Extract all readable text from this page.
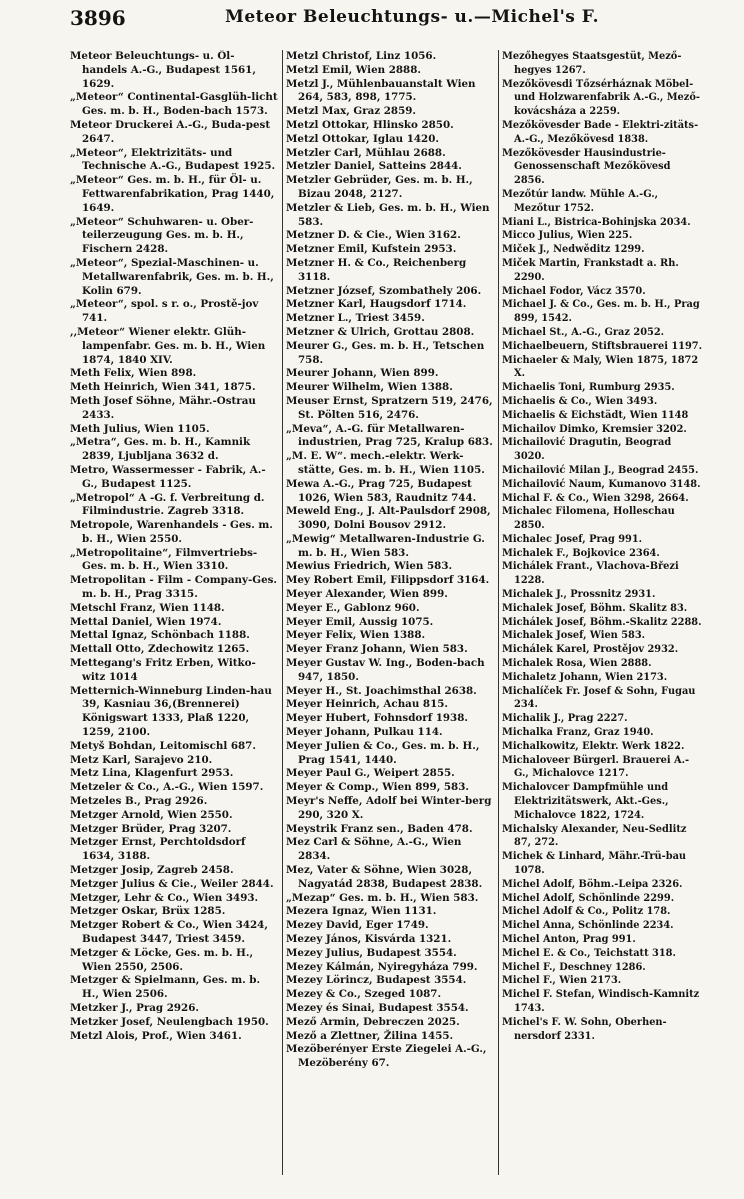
3896	Meteor Beleuchtungs- u.—Michel's F.

Meteor Beleuchtungs- u. Öl-handels A.-G., Budapest 1561, 1629.

„Meteor“ Continental-Gasglüh-licht Ges. m. b. H., Boden-bach 1573.

Meteor Druckerei A.-G., Buda-pest 2647.

„Meteor“, Elektrizitäts- und Technische A.-G., Budapest 1925.

„Meteor“ Ges. m. b. H., für Öl- u. Fettwarenfabrikation, Prag 1440, 1649.

„Meteor“ Schuhwaren- u. Ober-teilerzeugung Ges. m. b. H., Fischern 2428.

„Meteor“, Spezial-Maschinen- u. Metallwarenfabrik, Ges. m. b. H., Kolin 679.

„Meteor“, spol. s r. o., Prostě-jov 741.

,,Meteor“ Wiener elektr. Glüh-lampenfabr. Ges. m. b. H., Wien 1874, 1840 XIV.

Meth Felix, Wien 898.

Meth Heinrich, Wien 341, 1875.

Meth Josef Söhne, Mähr.-Ostrau 2433.

Meth Julius, Wien 1105.

„Metra“, Ges. m. b. H., Kamnik 2839, Ljubljana 3632 d.

Metro, Wassermesser - Fabrik, A.-G., Budapest 1125.

„Metropol“ A -G. f. Verbreitung d. Filmindustrie. Zagreb 3318.

Metropole, Warenhandels - Ges. m. b. H., Wien 2550.

„Metropolitaine“, Filmvertriebs-Ges. m. b. H., Wien 3310.

Metropolitan - Film - Company-Ges. m. b. H., Prag 3315.

Metschl Franz, Wien 1148.

Mettal Daniel, Wien 1974.

Mettal Ignaz, Schönbach 1188.

Mettall Otto, Zdechowitz 1265.

Mettegang's Fritz Erben, Witko-witz 1014

Metternich-Winneburg Linden-hau 39, Kasniau 36,(Brennerei) Königswart 1333, Plaß 1220, 1259, 2100.

Metyš Bohdan, Leitomischl 687.

Metz Karl, Sarajevo 210.

Metz Lina, Klagenfurt 2953.

Metzeler & Co., A.-G., Wien 1597.

Metzeles B., Prag 2926.

Metzger Arnold, Wien 2550.

Metzger Brüder, Prag 3207.

Metzger Ernst, Perchtoldsdorf 1634, 3188.

Metzger Josip, Zagreb 2458.

Metzger Julius & Cie., Weiler 2844.

Metzger, Lehr & Co., Wien 3493.

Metzger Oskar, Brüx 1285.

Metzger Robert & Co., Wien 3424, Budapest 3447, Triest 3459.

Metzger & Löcke, Ges. m. b. H., Wien 2550, 2506.

Metzger & Spielmann, Ges. m. b. H., Wien 2506.

Metzker J., Prag 2926.

Metzker Josef, Neulengbach 1950.

Metzl Alois, Prof., Wien 3461.

Metzl Christof, Linz 1056.

Metzl Emil, Wien 2888.

Metzl J., Mühlenbauanstalt Wien 264, 583, 898, 1775.

Metzl Max, Graz 2859.

Metzl Ottokar, Hlinsko 2850.

Metzl Ottokar, Iglau 1420.

Metzler Carl, Mühlau 2688.

Metzler Daniel, Satteins 2844.

Metzler Gebrüder, Ges. m. b. H., Bizau 2048, 2127.

Metzler & Lieb, Ges. m. b. H., Wien 583.

Metzner D. & Cie., Wien 3162.

Metzner Emil, Kufstein 2953.

Metzner H. & Co., Reichenberg 3118.

Metzner József, Szombathely 206.

Metzner Karl, Haugsdorf 1714.

Metzner L., Triest 3459.

Metzner & Ulrich, Grottau 2808.

Meurer G., Ges. m. b. H., Tetschen 758.

Meurer Johann, Wien 899.

Meurer Wilhelm, Wien 1388.

Meuser Ernst, Spratzern 519, 2476, St. Pölten 516, 2476.

„Meva“, A.-G. für Metallwaren-industrien, Prag 725, Kralup 683.

„M. E. W“. mech.-elektr. Werk-stätte, Ges. m. b. H., Wien 1105.

Mewa A.-G., Prag 725, Budapest 1026, Wien 583, Raudnitz 744.

Meweld Eng., J. Alt-Paulsdorf 2908, 3090, Dolni Bousov 2912.

„Mewig“ Metallwaren-Industrie G. m. b. H., Wien 583.

Mewius Friedrich, Wien 583.

Mey Robert Emil, Filippsdorf 3164.

Meyer Alexander, Wien 899.

Meyer E., Gablonz 960.

Meyer Emil, Aussig 1075.

Meyer Felix, Wien 1388.

Meyer Franz Johann, Wien 583.

Meyer Gustav W. Ing., Boden-bach 947, 1850.

Meyer H., St. Joachimsthal 2638.

Meyer Heinrich, Achau 815.

Meyer Hubert, Fohnsdorf 1938.

Meyer Johann, Pulkau 114.

Meyer Julien & Co., Ges. m. b. H., Prag 1541, 1440.

Meyer Paul G., Weipert 2855.

Meyer & Comp., Wien 899, 583.

Meyr's Neffe, Adolf bei Winter-berg 290, 320 X.

Meystrik Franz sen., Baden 478.

Mez Carl & Söhne, A.-G., Wien 2834.

Mez, Vater & Söhne, Wien 3028, Nagyatád 2838, Budapest 2838.

„Mezap“ Ges. m. b. H., Wien 583.

Mezera Ignaz, Wien 1131.

Mezey David, Eger 1749.

Mezey János, Kisvárda 1321.

Mezey Julius, Budapest 3554.

Mezey Kálmán, Nyiregyháza 799.

Mezey Lörincz, Budapest 3554.

Mezey & Co., Szeged 1087.

Mezey és Sinai, Budapest 3554.

Mező Armin, Debreczen 2025.

Mező a Zlettner, Žilina 1455.

Mezöberényer Erste Ziegelei A.-G., Mezöberény 67.

Mezőhegyes Staatsgestüt, Mező-hegyes 1267.

Mezőkövesdi Tőzsérháznak Möbel- und Holzwarenfabrik A.-G., Mező-kovácsháza a 2259.

Mezőkövesder Bade - Elektri-zitäts-A.-G., Mezőkövesd 1838.

Mezőkövesder Hausindustrie-Genossenschaft Mezőkövesd 2856.

Mezőtúr landw. Mühle A.-G., Mezőtur 1752.

Miani L., Bistrica-Bohinjska 2034.

Micco Julius, Wien 225.

Miček J., Nedwěditz 1299.

Miček Martin, Frankstadt a. Rh. 2290.

Michael Fodor, Vácz 3570.

Michael J. & Co., Ges. m. b. H., Prag 899, 1542.

Michael St., A.-G., Graz 2052.

Michaelbeuern, Stiftsbrauerei 1197.

Michaeler & Maly, Wien 1875, 1872 X.

Michaelis Toni, Rumburg 2935.

Michaelis & Co., Wien 3493.

Michaelis & Eichstädt, Wien 1148

Michailov Dimko, Kremsier 3202.

Michailović Dragutin, Beograd 3020.

Michailović Milan J., Beograd 2455.

Michailović Naum, Kumanovo 3148.

Michal F. & Co., Wien 3298, 2664.

Michalec Filomena, Holleschau 2850.

Michalec Josef, Prag 991.

Michalek F., Bojkovice 2364.

Michálek Frant., Vlachova-Březi 1228.

Michalek J., Prossnitz 2931.

Michalek Josef, Böhm. Skalitz 83.

Michálek Josef, Böhm.-Skalitz 2288.

Michalek Josef, Wien 583.

Michálek Karel, Prostějov 2932.

Michalek Rosa, Wien 2888.

Michaletz Johann, Wien 2173.

Michalíček Fr. Josef & Sohn, Fugau 234.

Michalik J., Prag 2227.

Michalka Franz, Graz 1940.

Michalkowitz, Elektr. Werk 1822.

Michaloveer Bürgerl. Brauerei A.-G., Michalovce 1217.

Michalovcer Dampfmühle und Elektrizitätswerk, Akt.-Ges., Michalovce 1822, 1724.

Michalsky Alexander, Neu-Sedlitz 87, 272.

Michek & Linhard, Mähr.-Trü-bau 1078.

Michel Adolf, Böhm.-Leipa 2326.

Michel Adolf, Schönlinde 2299.

Michel Adolf & Co., Politz 178.

Michel Anna, Schönlinde 2234.

Michel Anton, Prag 991.

Michel E. & Co., Teichstatt 318.

Michel F., Deschney 1286.

Michel F., Wien 2173.

Michel F. Stefan, Windisch-Kamnitz 1743.

Michel's F. W. Sohn, Oberhen-nersdorf 2331.
